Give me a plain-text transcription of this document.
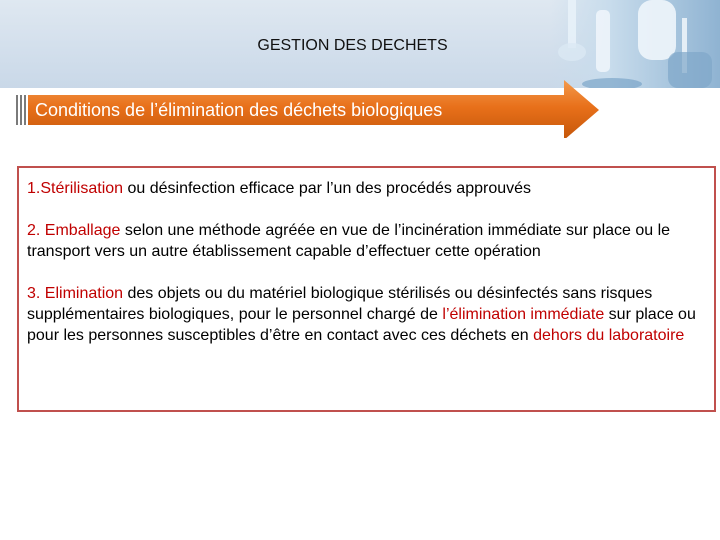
GESTION DES DECHETS
Conditions de l’élimination des déchets biologiques

1.Stérilisation ou désinfection efficace par l’un des procédés approuvés

2. Emballage selon une méthode agréée en vue de l’incinération immédiate sur place ou le transport vers un autre établissement capable d’effectuer cette opération

3. Elimination des objets ou du matériel biologique stérilisés ou désinfectés sans risques supplémentaires biologiques, pour le personnel chargé de l’élimination immédiate sur place ou pour les personnes susceptibles d’être en contact avec ces déchets en dehors du laboratoire
